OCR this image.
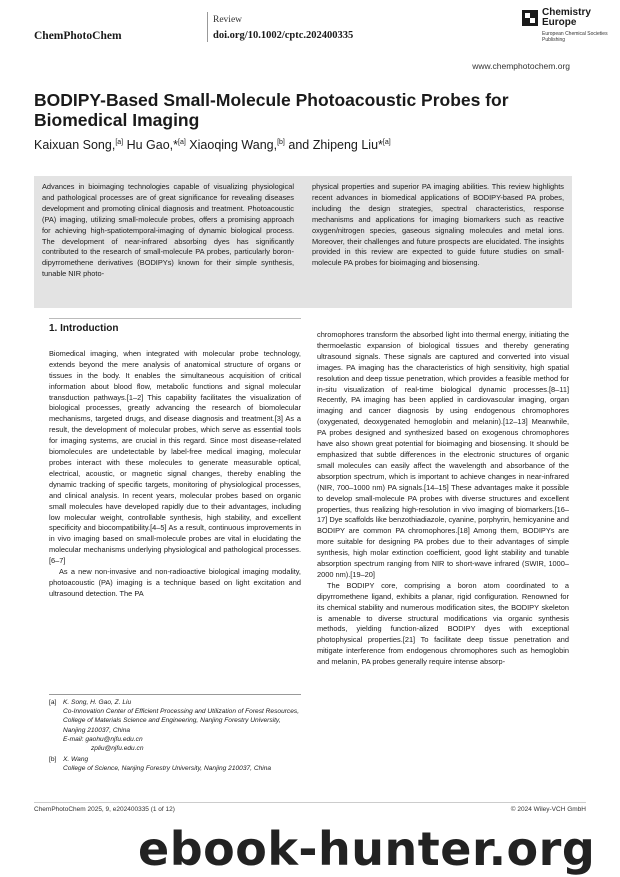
ChemPhotoChem
Review
doi.org/10.1002/cptc.202400335
Chemistry
Europe
European Chemical Societies Publishing
www.chemphotochem.org
BODIPY-Based Small-Molecule Photoacoustic Probes for Biomedical Imaging
Kaixuan Song,[a] Hu Gao,*[a] Xiaoqing Wang,[b] and Zhipeng Liu*[a]
Advances in bioimaging technologies capable of visualizing physiological and pathological processes are of great significance for revealing diseases development and promoting clinical diagnosis and treatment. Photoacoustic (PA) imaging, utilizing small-molecule probes, offers a promising approach for achieving high-spatiotemporal-imaging of dynamic biological process. The development of near-infrared absorbing dyes has significantly contributed to the research of small-molecule PA probes, particularly boron-dipyrromethene derivatives (BODIPYs) known for their simple synthesis, tunable NIR photo-
physical properties and superior PA imaging abilities. This review highlights recent advances in biomedical applications of BODIPY-based PA probes, including the design strategies, spectral characteristics, response mechanisms and applications for imaging biomarkers such as reactive oxygen/nitrogen species, gaseous signaling molecules and metal ions. Moreover, their challenges and future prospects are elucidated. The insights provided in this review are expected to guide future studies on small-molecule PA probes for bioimaging and biosensing.
1. Introduction

Biomedical imaging, when integrated with molecular probe technology, extends beyond the mere analysis of anatomical structure of organs or tissues in the body. It enables the simultaneous acquisition of critical information about blood flow, metabolic functions and signal molecular transduction pathways.[1–2] This capability facilitates the visualization of biological processes, greatly advancing the research of biomolecular mechanisms, targeted drugs, and disease diagnosis and treatment.[3] As a result, the development of molecular probes, which serve as essential tools for imaging systems, are crucial in this regard. Since most disease-related biomolecules are undetectable by label-free medical imaging, molecular probes interact with these molecules to generate measurable optical, electrical, acoustic, or magnetic signal changes, thereby enabling the dynamic tracking of specific targets, monitoring of physiological processes, and clinical analysis. In recent years, molecular probes based on organic small molecules have developed rapidly due to their advantages, including low molecular weight, controllable synthesis, high stability, and excellent specificity and biocompatibility.[4–5] As a result, continuous improvements in in vivo imaging based on small-molecule probes are vital in elucidating the molecular mechanisms underlying physiological and pathological processes.[6–7]

As a new non-invasive and non-radioactive biological imaging modality, photoacoustic (PA) imaging is a technique based on light excitation and ultrasound detection. The PA

chromophores transform the absorbed light into thermal energy, initiating the thermoelastic expansion of biological tissues and thereby generating ultrasound signals. These signals are captured and converted into visual images. PA imaging has the characteristics of high sensitivity, high spatial resolution and deep tissue penetration, which provides a feasible method for in-situ visualization of real-time biological dynamic processes.[8–11] Recently, PA imaging has been applied in cardiovascular imaging, organ imaging and cancer diagnosis by using endogenous chromophores (oxygenated, deoxygenated hemoglobin and melanin).[12–13] Meanwhile, PA probes designed and synthesized based on exogenous chromophores have also shown great potential for bioimaging and biosensing. It should be emphasized that subtle differences in the electronic structures of organic small molecules can easily affect the wavelength and absorbance of the absorption spectrum, which is important to achieve changes in near-infrared (NIR, 700–1000 nm) PA signals.[14–15] These advantages make it possible to develop small-molecule PA probes with diverse structures and excellent properties, thus realizing high-resolution in vivo imaging of biomarkers.[16–17] Dye scaffolds like benzothiadiazole, cyanine, porphyrin, hemicyanine and BODIPY are common PA chromophores.[18] Among them, BODIPYs are more suitable for designing PA probes due to their advantages of simple synthesis, high molar extinction coefficient, good light stability and tunable absorption spectrum ranging from NIR to short-wave infrared (SWIR, 1000–2000 nm).[19–20]

The BODIPY core, comprising a boron atom coordinated to a dipyrromethene ligand, exhibits a planar, rigid configuration. Renowned for its chemical stability and numerous modification sites, the BODIPY skeleton is amenable to diverse structural modifications via organic synthesis methods, yielding function-alized BODIPY dyes with exceptional photophysical properties.[21] To facilitate deep tissue penetration and mitigate interference from endogenous chromophores such as hemoglobin and melanin, PA probes generally require intense absorp-

[a]	K. Song, H. Gao, Z. Liu
Co-Innovation Center of Efficient Processing and Utilization of Forest Resources, College of Materials Science and Engineering, Nanjing Forestry University, Nanjing 210037, China
E-mail: gaohu@njfu.edu.cn
zpliu@njfu.edu.cn
[b]	X. Wang
College of Science, Nanjing Forestry University, Nanjing 210037, China
ChemPhotoChem 2025, 9, e202400335 (1 of 12)	© 2024 Wiley-VCH GmbH
ebook-hunter.org
